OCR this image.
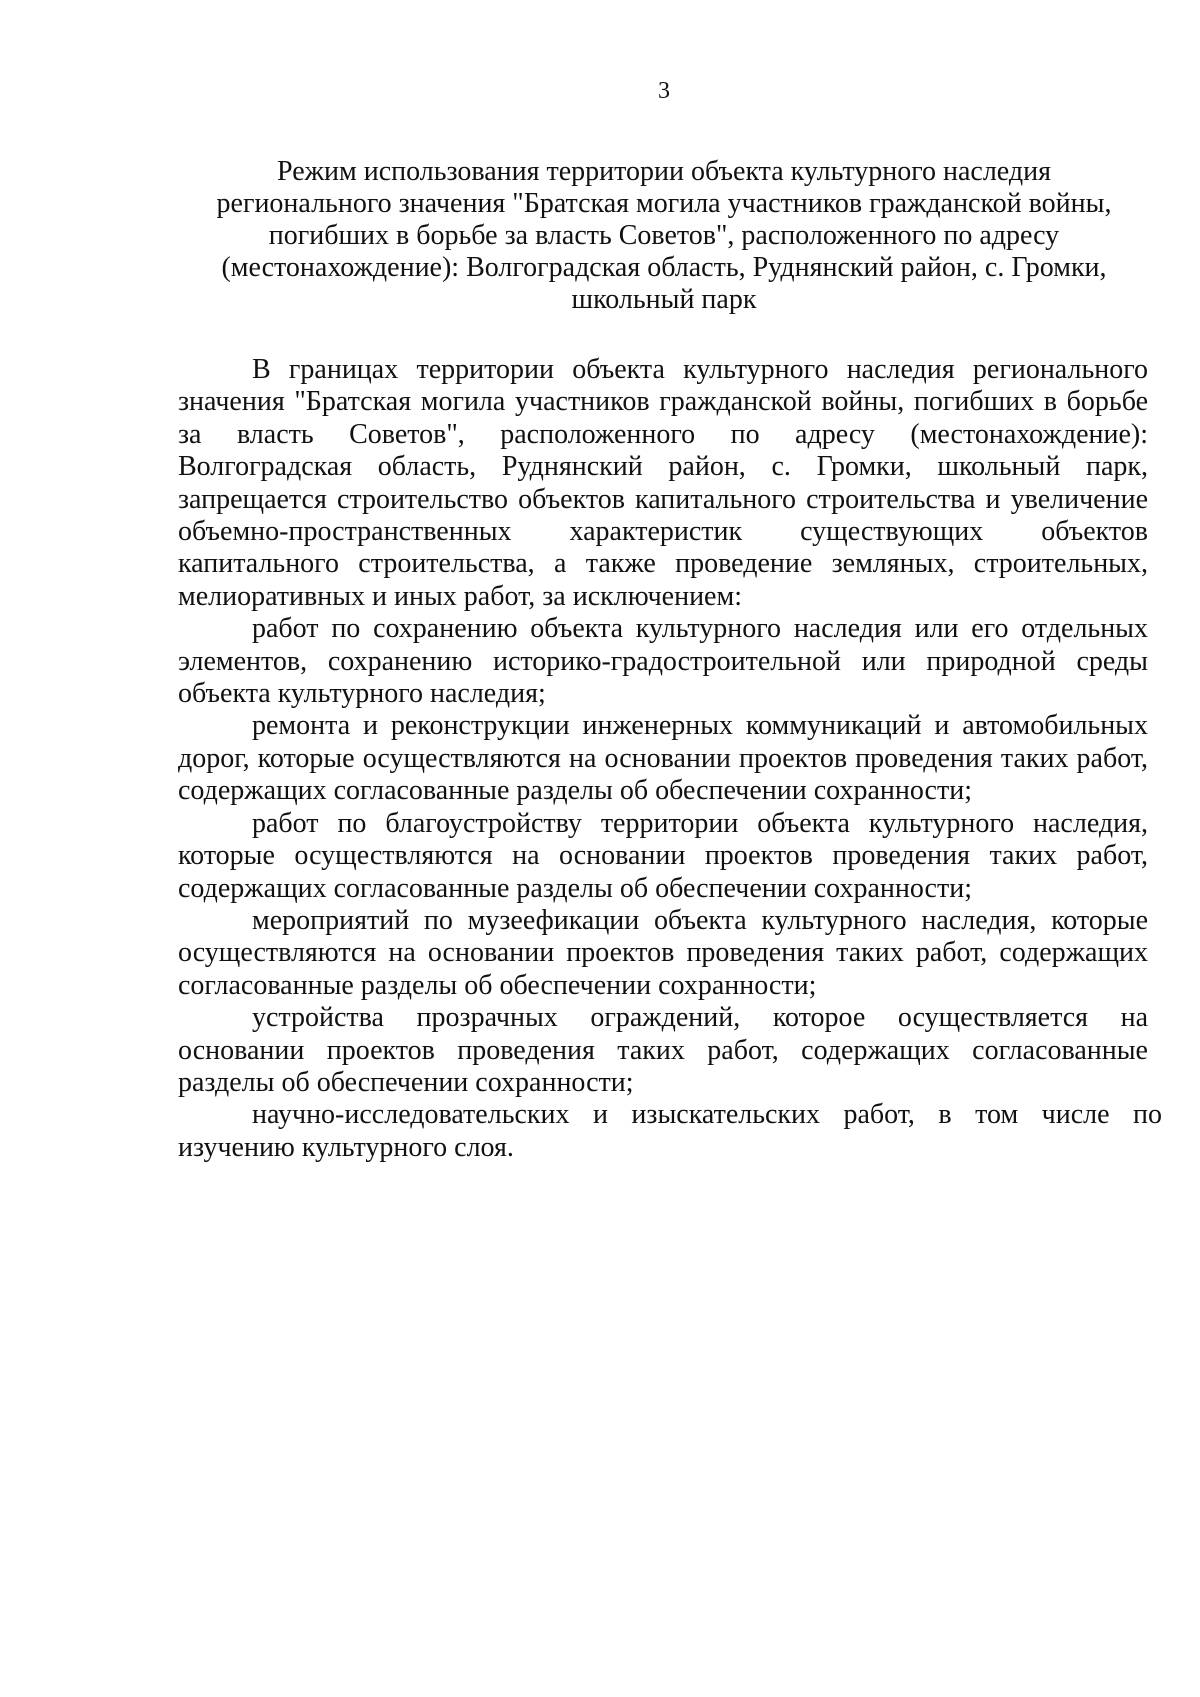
3
Режим использования территории объекта культурного наследия
регионального значения "Братская могила участников гражданской войны,
погибших в борьбе за власть Советов", расположенного по адресу
(местонахождение): Волгоградская область, Руднянский район, с. Громки,
школьный парк

В границах территории объекта культурного наследия регионального значения "Братская могила участников гражданской войны, погибших в борьбе за власть Советов", расположенного по адресу (местонахождение): Волгоградская область, Руднянский район, с. Громки, школьный парк, запрещается строительство объектов капитального строительства и увеличение объемно-пространственных характеристик существующих объектов капитального строительства, а также проведение земляных, строительных, мелиоративных и иных работ, за исключением:

работ по сохранению объекта культурного наследия или его отдельных элементов, сохранению историко-градостроительной или природной среды объекта культурного наследия;

ремонта и реконструкции инженерных коммуникаций и автомобильных дорог, которые осуществляются на основании проектов проведения таких работ, содержащих согласованные разделы об обеспечении сохранности;

работ по благоустройству территории объекта культурного наследия, которые осуществляются на основании проектов проведения таких работ, содержащих согласованные разделы об обеспечении сохранности;

мероприятий по музеефикации объекта культурного наследия, которые осуществляются на основании проектов проведения таких работ, содержащих согласованные разделы об обеспечении сохранности;

устройства прозрачных ограждений, которое осуществляется на основании проектов проведения таких работ, содержащих согласованные разделы об обеспечении сохранности;

научно-исследовательских и изыскательских работ, в том числе по изучению культурного слоя.
